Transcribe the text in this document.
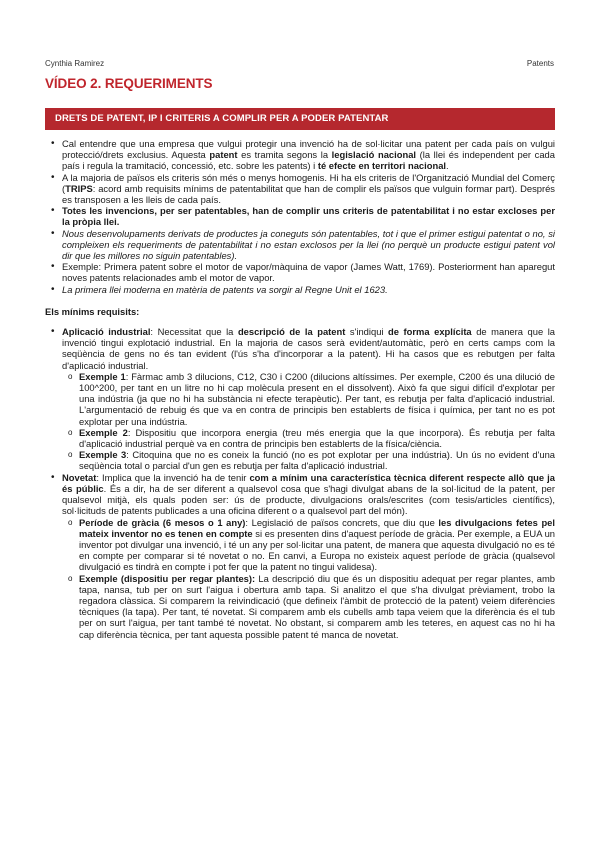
Cynthia Ramirez	Patents
VÍDEO 2. REQUERIMENTS
DRETS DE PATENT, IP I CRITERIS A COMPLIR PER A PODER PATENTAR
• Cal entendre que una empresa que vulgui protegir una invenció ha de sol·licitar una patent per cada país on vulgui protecció/drets exclusius. Aquesta patent es tramita segons la legislació nacional (la llei és independent per cada país i regula la tramitació, concessió, etc. sobre les patents) i té efecte en territori nacional.
• A la majoria de països els criteris són més o menys homogenis. Hi ha els criteris de l'Organització Mundial del Comerç (TRIPS: acord amb requisits mínims de patentabilitat que han de complir els països que vulguin formar part). Després es transposen a les lleis de cada país.
• Totes les invencions, per ser patentables, han de complir uns criteris de patentabilitat i no estar excloses per la pròpia llei.
• Nous desenvolupaments derivats de productes ja coneguts són patentables, tot i que el primer estigui patentat o no, si compleixen els requeriments de patentabilitat i no estan exclosos per la llei (no perquè un producte estigui patent vol dir que les millores no siguin patentables).
• Exemple: Primera patent sobre el motor de vapor/màquina de vapor (James Watt, 1769). Posteriorment han aparegut noves patents relacionades amb el motor de vapor.
• La primera llei moderna en matèria de patents va sorgir al Regne Unit el 1623.
Els mínims requisits:
• Aplicació industrial: Necessitat que la descripció de la patent s'indiqui de forma explícita de manera que la invenció tingui explotació industrial. En la majoria de casos serà evident/automàtic, però en certs camps com la seqüència de gens no és tan evident (l'ús s'ha d'incorporar a la patent). Hi ha casos que es rebutgen per falta d'aplicació industrial.
o Exemple 1: Fàrmac amb 3 dilucions, C12, C30 i C200 (dilucions altíssimes. Per exemple, C200 és una dilució de 100^200, per tant en un litre no hi cap molècula present en el dissolvent). Això fa que sigui difícil d'explotar per una indústria (ja que no hi ha substància ni efecte terapèutic). Per tant, es rebutja per falta d'aplicació industrial. L'argumentació de rebuig és que va en contra de principis ben establerts de física i química, per tant no es pot explotar per una indústria.
o Exemple 2: Dispositiu que incorpora energia (treu més energia que la que incorpora). És rebutja per falta d'aplicació industrial perquè va en contra de principis ben establerts de la física/ciència.
o Exemple 3: Citoquina que no es coneix la funció (no es pot explotar per una indústria). Un ús no evident d'una seqüència total o parcial d'un gen es rebutja per falta d'aplicació industrial.
• Novetat: Implica que la invenció ha de tenir com a mínim una característica tècnica diferent respecte allò que ja és públic. És a dir, ha de ser diferent a qualsevol cosa que s'hagi divulgat abans de la sol·licitud de la patent, per qualsevol mitjà, els quals poden ser: ús de producte, divulgacions orals/escrites (com tesis/articles científics), sol·licituds de patents publicades a una oficina diferent o a qualsevol part del món).
o Període de gràcia (6 mesos o 1 any): Legislació de països concrets, que diu que les divulgacions fetes pel mateix inventor no es tenen en compte si es presenten dins d'aquest període de gràcia. Per exemple, a EUA un inventor pot divulgar una invenció, i té un any per sol·licitar una patent, de manera que aquesta divulgació no es té en compte per comparar si té novetat o no. En canvi, a Europa no existeix aquest període de gràcia (qualsevol divulgació es tindrà en compte i pot fer que la patent no tingui validesa).
o Exemple (dispositiu per regar plantes): La descripció diu que és un dispositiu adequat per regar plantes, amb tapa, nansa, tub per on surt l'aigua i obertura amb tapa. Si analitzo el que s'ha divulgat prèviament, trobo la regadora clàssica. Si comparem la reivindicació (que defineix l'àmbit de protecció de la patent) veiem diferències tècniques (la tapa). Per tant, té novetat. Si comparem amb els cubells amb tapa veiem que la diferència és el tub per on surt l'aigua, per tant també té novetat. No obstant, si comparem amb les teteres, en aquest cas no hi ha cap diferència tècnica, per tant aquesta possible patent té manca de novetat.
